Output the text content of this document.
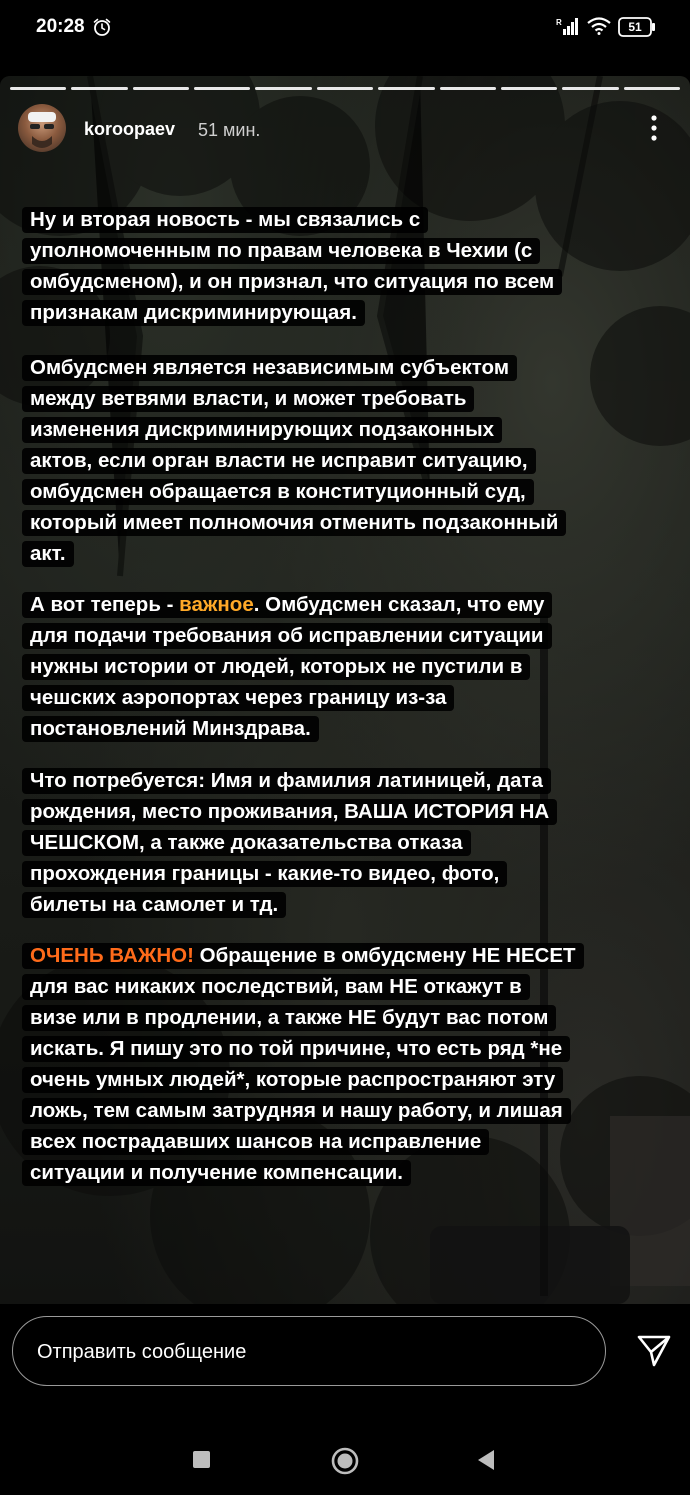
20:28	R	51
koroopaev 51 мин.
Ну и вторая новость - мы связались с
уполномоченным по правам человека в Чехии (с
омбудсменом), и он признал, что ситуация по всем
признакам дискриминирующая.
Омбудсмен является независимым субъектом
между ветвями власти, и может требовать
изменения дискриминирующих подзаконных
актов, если орган власти не исправит ситуацию,
омбудсмен обращается в конституционный суд,
который имеет полномочия отменить подзаконный
акт.
А вот теперь - важное. Омбудсмен сказал, что ему
для подачи требования об исправлении ситуации
нужны истории от людей, которых не пустили в
чешских аэропортах через границу из-за
постановлений Минздрава.
Что потребуется: Имя и фамилия латиницей, дата
рождения, место проживания, ВАША ИСТОРИЯ НА
ЧЕШСКОМ, а также доказательства отказа
прохождения границы - какие-то видео, фото,
билеты на самолет и тд.
ОЧЕНЬ ВАЖНО! Обращение в омбудсмену НЕ НЕСЕТ
для вас никаких последствий, вам НЕ откажут в
визе или в продлении, а также НЕ будут вас потом
искать. Я пишу это по той причине, что есть ряд *не
очень умных людей*, которые распространяют эту
ложь, тем самым затрудняя и нашу работу, и лишая
всех пострадавших шансов на исправление
ситуации и получение компенсации.
Отправить сообщение
